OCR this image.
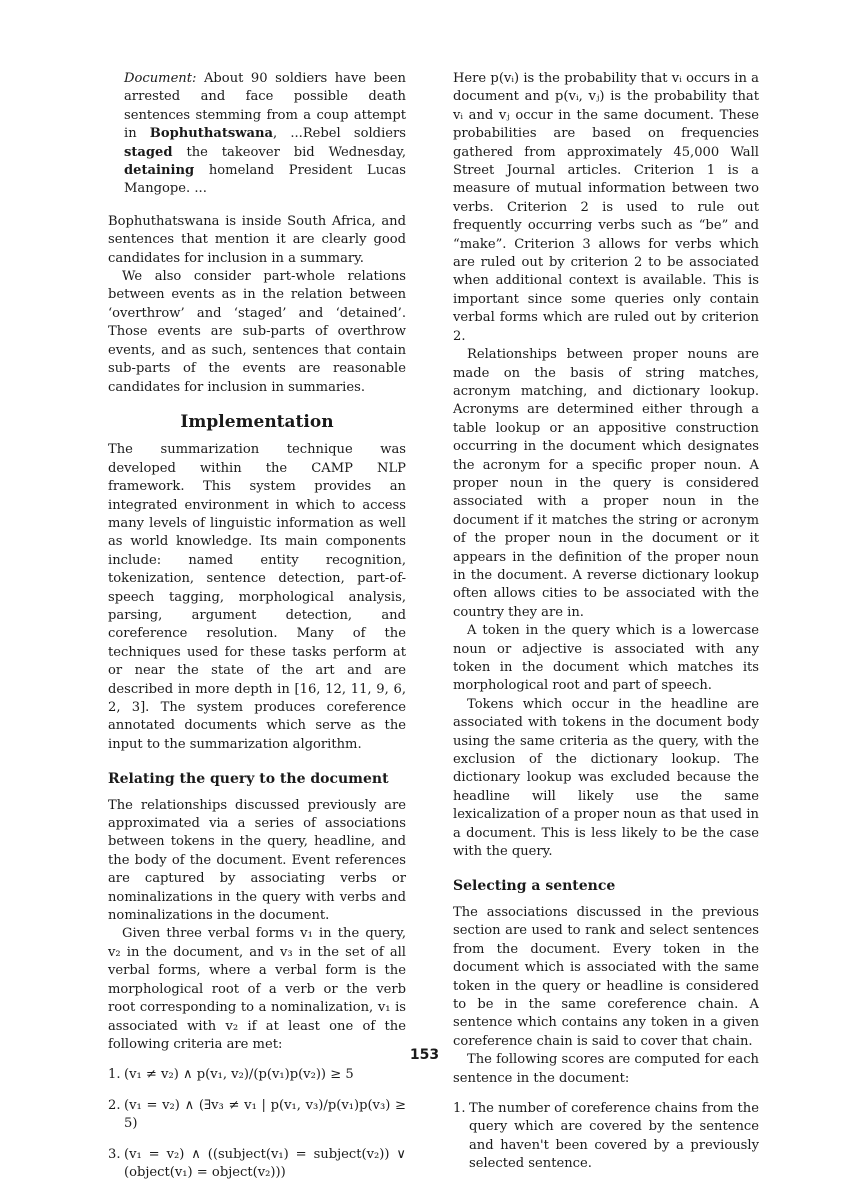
Document: About 90 soldiers have been arrested and face possible death sentences stemming from a coup attempt in Bophuthatswana, ...Rebel soldiers staged the takeover bid Wednesday, detaining homeland President Lucas Mangope. ...

Bophuthatswana is inside South Africa, and sentences that mention it are clearly good candidates for inclusion in a summary.

We also consider part-whole relations between events as in the relation between ‘overthrow’ and ‘staged’ and ‘detained’. Those events are sub-parts of overthrow events, and as such, sentences that contain sub-parts of the events are reasonable candidates for inclusion in summaries.

Implementation

The summarization technique was developed within the CAMP NLP framework. This system provides an integrated environment in which to access many levels of linguistic information as well as world knowledge. Its main components include: named entity recognition, tokenization, sentence detection, part-of-speech tagging, morphological analysis, parsing, argument detection, and coreference resolution. Many of the techniques used for these tasks perform at or near the state of the art and are described in more depth in [16, 12, 11, 9, 6, 2, 3]. The system produces coreference annotated documents which serve as the input to the summarization algorithm.

Relating the query to the document

The relationships discussed previously are approximated via a series of associations between tokens in the query, headline, and the body of the document. Event references are captured by associating verbs or nominalizations in the query with verbs and nominalizations in the document.

Given three verbal forms v₁ in the query, v₂ in the document, and v₃ in the set of all verbal forms, where a verbal form is the morphological root of a verb or the verb root corresponding to a nominalization, v₁ is associated with v₂ if at least one of the following criteria are met:

1. (v₁ ≠ v₂) ∧ p(v₁, v₂)/(p(v₁)p(v₂)) ≥ 5
2. (v₁ = v₂) ∧ (∃v₃ ≠ v₁ | p(v₁, v₃)/p(v₁)p(v₃) ≥ 5)
3. (v₁ = v₂) ∧ ((subject(v₁) = subject(v₂)) ∨ (object(v₁) = object(v₂)))

Here p(vᵢ) is the probability that vᵢ occurs in a document and p(vᵢ, vⱼ) is the probability that vᵢ and vⱼ occur in the same document. These probabilities are based on frequencies gathered from approximately 45,000 Wall Street Journal articles. Criterion 1 is a measure of mutual information between two verbs. Criterion 2 is used to rule out frequently occurring verbs such as “be” and “make”. Criterion 3 allows for verbs which are ruled out by criterion 2 to be associated when additional context is available. This is important since some queries only contain verbal forms which are ruled out by criterion 2.

Relationships between proper nouns are made on the basis of string matches, acronym matching, and dictionary lookup. Acronyms are determined either through a table lookup or an appositive construction occurring in the document which designates the acronym for a specific proper noun. A proper noun in the query is considered associated with a proper noun in the document if it matches the string or acronym of the proper noun in the document or it appears in the definition of the proper noun in the document. A reverse dictionary lookup often allows cities to be associated with the country they are in.

A token in the query which is a lowercase noun or adjective is associated with any token in the document which matches its morphological root and part of speech.

Tokens which occur in the headline are associated with tokens in the document body using the same criteria as the query, with the exclusion of the dictionary lookup. The dictionary lookup was excluded because the headline will likely use the same lexicalization of a proper noun as that used in a document. This is less likely to be the case with the query.

Selecting a sentence

The associations discussed in the previous section are used to rank and select sentences from the document. Every token in the document which is associated with the same token in the query or headline is considered to be in the same coreference chain. A sentence which contains any token in a given coreference chain is said to cover that chain.

The following scores are computed for each sentence in the document:

1. The number of coreference chains from the query which are covered by the sentence and haven't been covered by a previously selected sentence.
153
